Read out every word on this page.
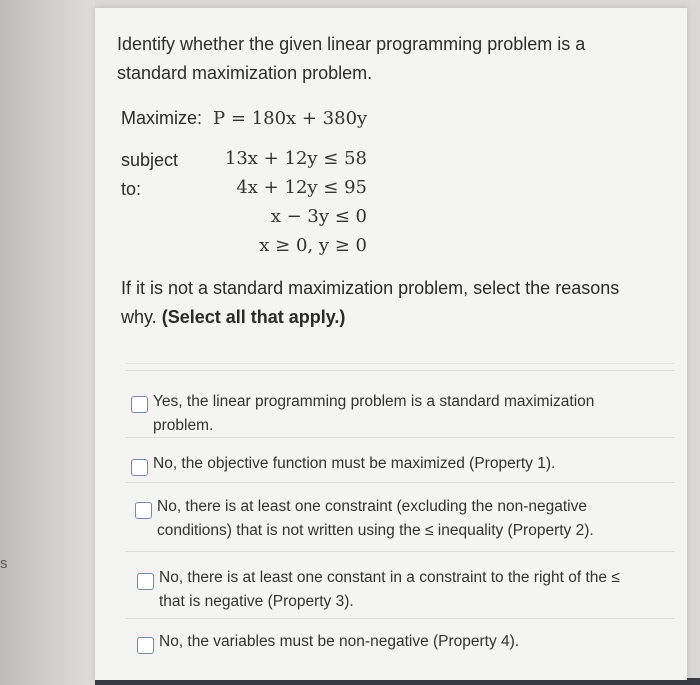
s
Identify whether the given linear programming problem is a standard maximization problem.
Maximize: P = 180x + 380y
subject to:
13x + 12y ≤ 58
4x + 12y ≤ 95
x − 3y ≤ 0
x ≥ 0, y ≥ 0
If it is not a standard maximization problem, select the reasons why. (Select all that apply.)
Yes, the linear programming problem is a standard maximization problem.
No, the objective function must be maximized (Property 1).
No, there is at least one constraint (excluding the non-negative conditions) that is not written using the ≤ inequality (Property 2).
No, there is at least one constant in a constraint to the right of the ≤ that is negative (Property 3).
No, the variables must be non-negative (Property 4).
